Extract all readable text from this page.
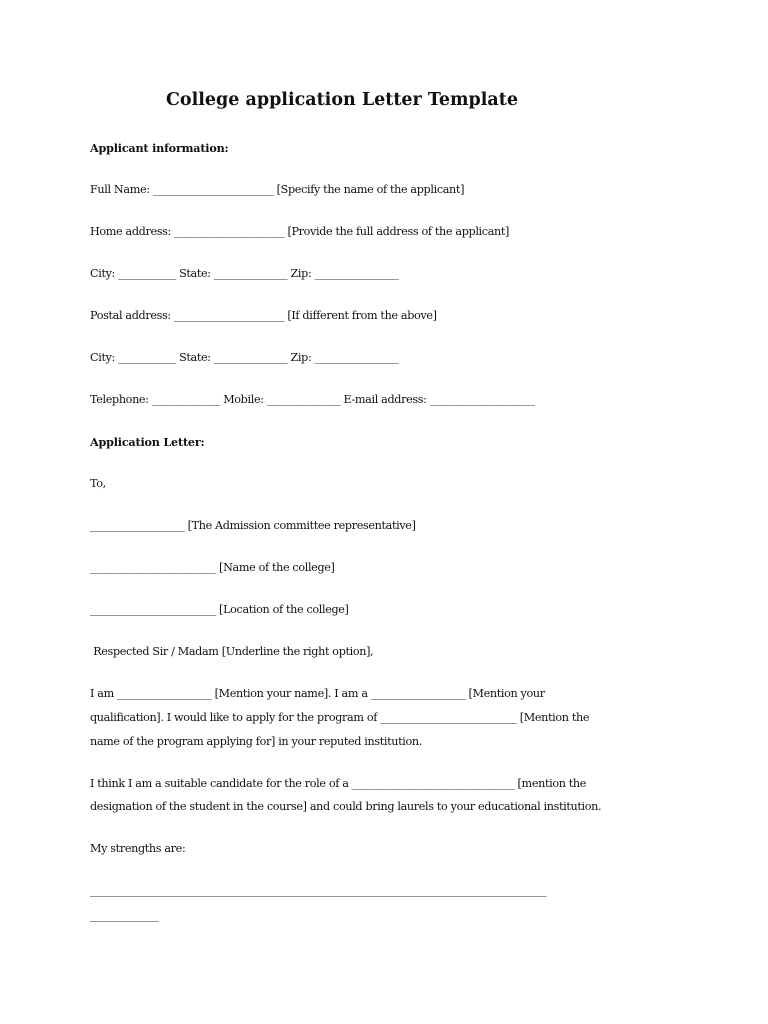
College application Letter Template
Applicant information:
Full Name: _______________________ [Specify the name of the applicant]
Home address: _____________________ [Provide the full address of the applicant]
City: ___________ State: ______________ Zip: ________________
Postal address: _____________________ [If different from the above]
City: ___________ State: ______________ Zip: ________________
Telephone: _____________ Mobile: ______________ E-mail address: ____________________
Application Letter:
To,
__________________ [The Admission committee representative]
________________________ [Name of the college]
________________________ [Location of the college]
Respected Sir / Madam [Underline the right option],
I am __________________ [Mention your name]. I am a __________________ [Mention your
qualification]. I would like to apply for the program of __________________________ [Mention the
name of the program applying for] in your reputed institution.
I think I am a suitable candidate for the role of a _______________________________ [mention the
designation of the student in the course] and could bring laurels to your educational institution.
My strengths are:
_______________________________________________________________________________________
_____________
